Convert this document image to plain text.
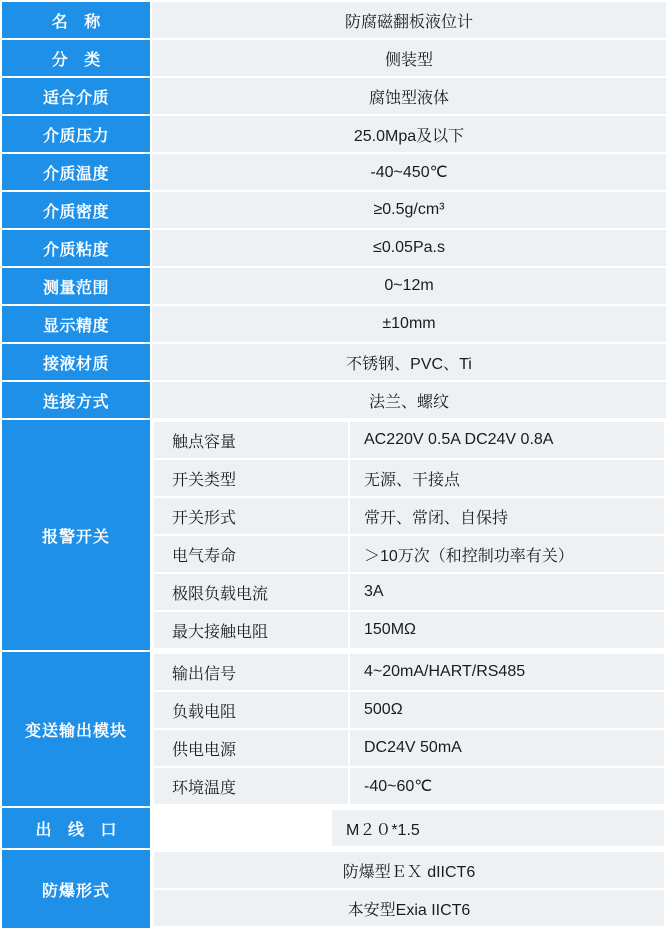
名 称	防腐磁翻板液位计
分 类	侧装型
适合介质	腐蚀型液体
介质压力	25.0Mpa及以下
介质温度	-40~450℃
介质密度	≥0.5g/cm³
介质粘度	≤0.05Pa.s
测量范围	0~12m
显示精度	±10mm
接液材质	不锈钢、PVC、Ti
连接方式	法兰、螺纹
报警开关	
触点容量	AC220V 0.5A DC24V 0.8A
开关类型	无源、干接点
开关形式	常开、常闭、自保持
电气寿命	＞10万次（和控制功率有关）
极限负载电流	3A
最大接触电阻	150MΩ

变送输出模块	
输出信号	4~20mA/HART/RS485
负载电阻	500Ω
供电电源	DC24V 50mA
环境温度	-40~60℃

出 线 口	
		M２０*1.5

防爆形式	
防爆型ＥＸ dIICT6
本安型Exia IICT6
